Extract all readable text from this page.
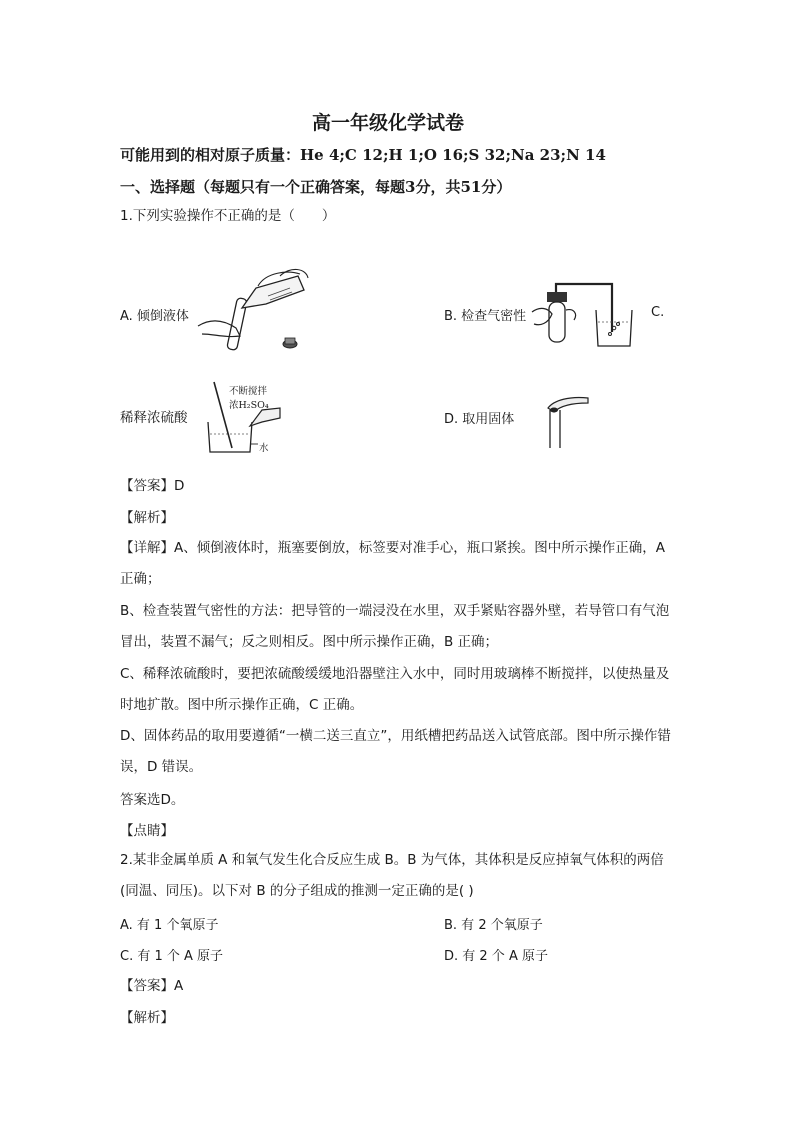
高一年级化学试卷
可能用到的相对原子质量：He 4;C 12;H 1;O 16;S 32;Na 23;N 14
一、选择题（每题只有一个正确答案，每题3分，共51分）
1.下列实验操作不正确的是（　　）
A. 倾倒液体	B. 检查气密性	C.
稀释浓硫酸
不断搅拌
浓H₂SO₄
水
D. 取用固体
【答案】D
【解析】
【详解】A、倾倒液体时，瓶塞要倒放，标签要对准手心，瓶口紧挨。图中所示操作正确，A 正确；
B、检查装置气密性的方法：把导管的一端浸没在水里，双手紧贴容器外壁，若导管口有气泡冒出，装置不漏气；反之则相反。图中所示操作正确，B 正确；
C、稀释浓硫酸时，要把浓硫酸缓缓地沿器壁注入水中，同时用玻璃棒不断搅拌，以使热量及时地扩散。图中所示操作正确，C 正确。
D、固体药品的取用要遵循“一横二送三直立”，用纸槽把药品送入试管底部。图中所示操作错误，D 错误。
答案选D。
【点睛】
2.某非金属单质 A 和氧气发生化合反应生成 B。B 为气体，其体积是反应掉氧气体积的两倍(同温、同压)。以下对 B 的分子组成的推测一定正确的是( )
A. 有 1 个氧原子	B. 有 2 个氧原子
C. 有 1 个 A 原子	D. 有 2 个 A 原子
【答案】A
【解析】
